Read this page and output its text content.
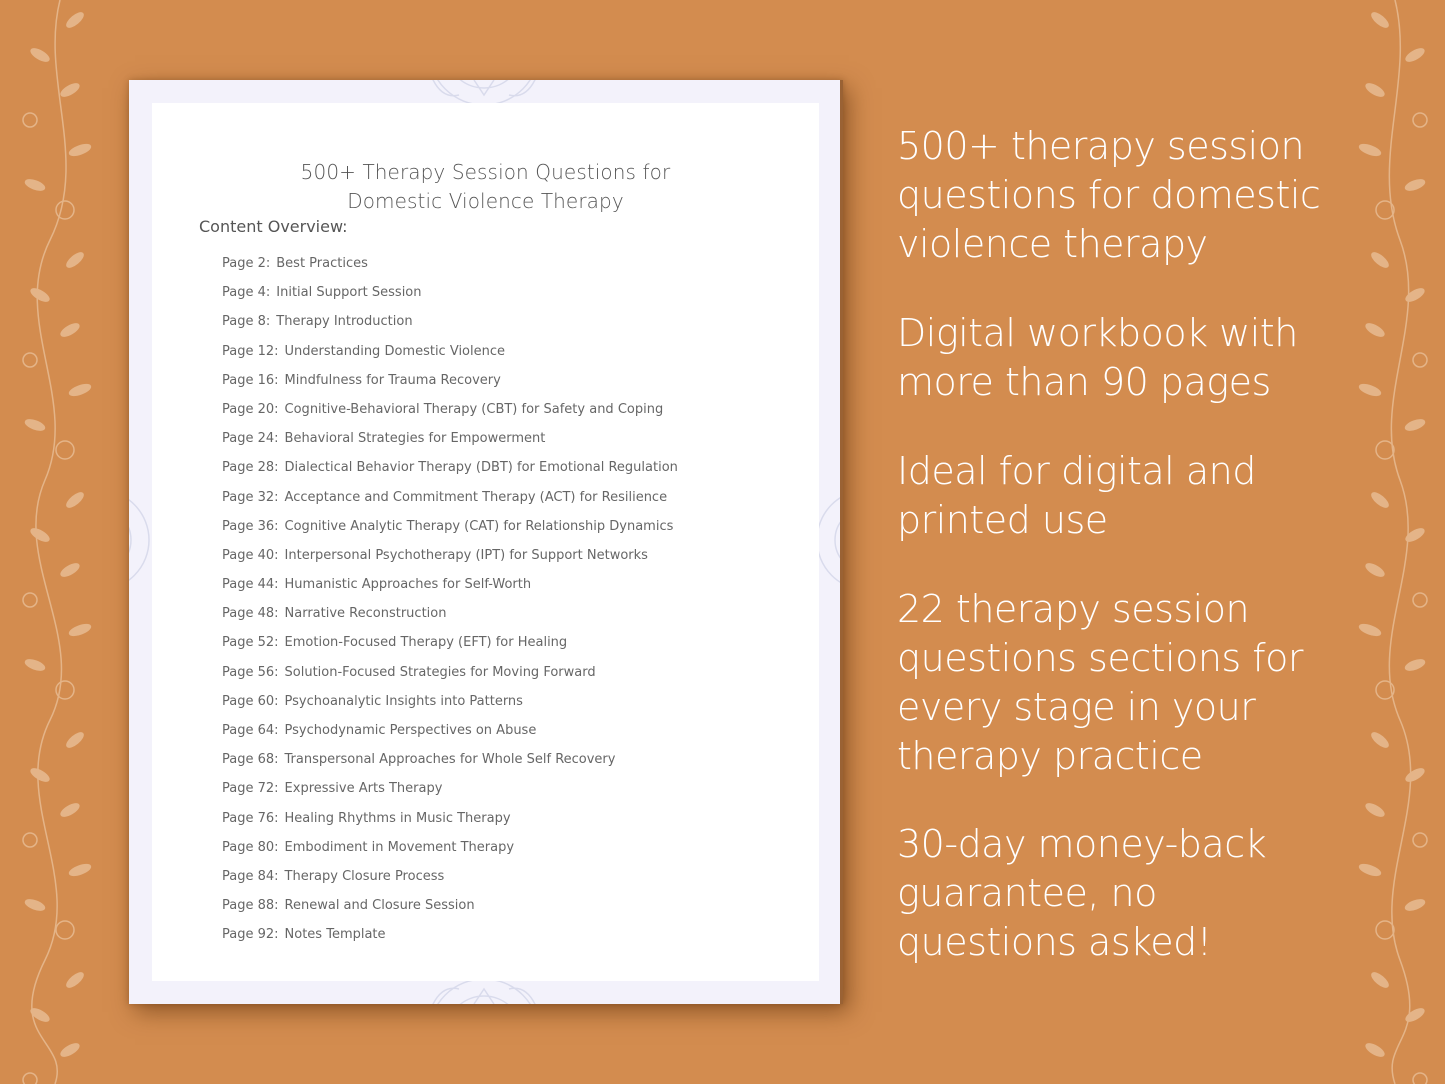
500+ Therapy Session Questions for
Domestic Violence Therapy
Content Overview:
Page 2: Best Practices
Page 4: Initial Support Session
Page 8: Therapy Introduction
Page 12: Understanding Domestic Violence
Page 16: Mindfulness for Trauma Recovery
Page 20: Cognitive-Behavioral Therapy (CBT) for Safety and Coping
Page 24: Behavioral Strategies for Empowerment
Page 28: Dialectical Behavior Therapy (DBT) for Emotional Regulation
Page 32: Acceptance and Commitment Therapy (ACT) for Resilience
Page 36: Cognitive Analytic Therapy (CAT) for Relationship Dynamics
Page 40: Interpersonal Psychotherapy (IPT) for Support Networks
Page 44: Humanistic Approaches for Self-Worth
Page 48: Narrative Reconstruction
Page 52: Emotion-Focused Therapy (EFT) for Healing
Page 56: Solution-Focused Strategies for Moving Forward
Page 60: Psychoanalytic Insights into Patterns
Page 64: Psychodynamic Perspectives on Abuse
Page 68: Transpersonal Approaches for Whole Self Recovery
Page 72: Expressive Arts Therapy
Page 76: Healing Rhythms in Music Therapy
Page 80: Embodiment in Movement Therapy
Page 84: Therapy Closure Process
Page 88: Renewal and Closure Session
Page 92: Notes Template

500+ therapy session questions for domestic violence therapy

Digital workbook with more than 90 pages

Ideal for digital and printed use

22 therapy session questions sections for every stage in your therapy practice

30-day money-back guarantee, no questions asked!
